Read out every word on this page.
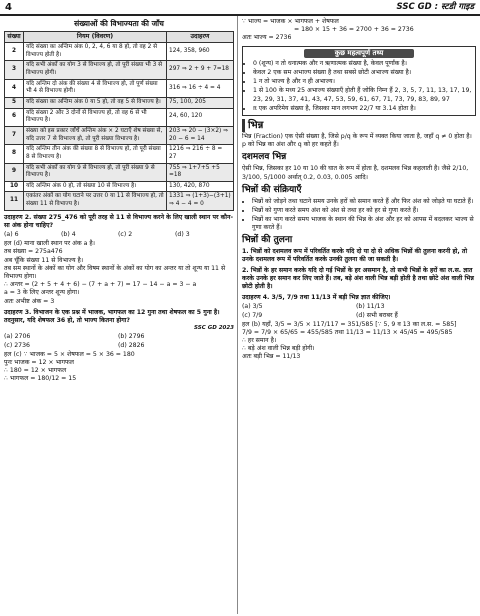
4	SSC GD : स्टडी गाइड
संख्याओं की विभाज्यता की जाँच
संख्या	नियम (विवरण)	उदाहरण
2	यदि संख्या का अन्तिम अंक 0, 2, 4, 6 या 8 हो, तो वह 2 से विभाज्य होती है।	124, 358, 960
3	यदि सभी अंकों का योग 3 से विभाज्य हो, तो पूरी संख्या भी 3 से विभाज्य होगी।	297 ⇒ 2 + 9 + 7=18
4	यदि अन्तिम दो अंक की संख्या 4 से विभाज्य हो, तो पूर्ण संख्या भी 4 से विभाज्य होगी।	316 ⇒ 16 ÷ 4 = 4
5	यदि संख्या का अन्तिम अंक 0 या 5 हो, तो वह 5 से विभाज्य है।	75, 100, 205
6	यदि संख्या 2 और 3 दोनों से विभाज्य हो, तो वह 6 से भी विभाज्य है।	24, 60, 120
7	संख्या को इस प्रकार जाँचें अन्तिम अंक × 2 घटाएँ शेष संख्या से, यदि उत्तर 7 से विभाज्य हो, तो पूरी संख्या विभाज्य है।	203 ⇒ 20 − (3×2) ⇒ 20 − 6 = 14
8	यदि अन्तिम तीन अंक की संख्या 8 से विभाज्य हो, तो पूरी संख्या 8 से विभाज्य है।	1216 ⇒ 216 ÷ 8 = 27
9	यदि सभी अंकों का योग 9 से विभाज्य हो, तो पूरी संख्या 9 से विभाज्य है।	755 ⇒ 1+7+5 +5 =18
10	यदि अन्तिम अंक 0 हो, तो संख्या 10 से विभाज्य है।	130, 420, 870
11	एकांतर अंकों का योग घटाने पर उत्तर 0 या 11 से विभाज्य हो, तो संख्या 11 से विभाज्य है।	1331 ⇒ (1+3)−(3+1) ⇒ 4 − 4 = 0
उदाहरण 2. संख्या 275_476 को पूरी तरह से 11 से विभाज्य करने के लिए खाली स्थान पर कौन-सा अंक होना चाहिए?
(a) 6	(b) 4	(c) 2	(d) 3

हल (d) माना खाली स्थान पर अंक a है।

तब संख्या = 275a476

अब चूँकि संख्या 11 से विभाज्य है।

तब सम स्थानों के अंकों का योग और विषम स्थानों के अंकों का योग का अन्तर या तो शून्य या 11 से विभाज्य होगा।

∴ अन्तर = (2 + 5 + 4 + 6) − (7 + a + 7) = 17 − 14 − a = 3 − a

a = 3 के लिए अन्तर शून्य होगा।

अतः अभीष्ट अंक = 3

उदाहरण 3. विभाजन के एक प्रश्न में भाजक, भागफल का 12 गुना तथा शेषफल का 5 गुना है। तदनुसार, यदि शेषफल 36 हो, तो भाज्य कितना होगा?
SSC GD 2023
(a) 2706	(b) 2796
(c) 2736	(d) 2826

हल (c) ∵ भाजक = 5 × शेषफल = 5 × 36 = 180

पुनः भाजक = 12 × भागफल

∴ 180 = 12 × भागफल

∴ भागफल = 180/12 = 15

∵ भाज्य = भाजक × भागफल + शेषफल

= 180 × 15 + 36 = 2700 + 36 = 2736

अतः भाज्य = 2736

कुछ महत्वपूर्ण तथ्य
• 0 (शून्य) न तो धनात्मक और न ऋणात्मक संख्या है, केवल पूर्णांक है।
• केवल 2 एक सम अभाज्य संख्या है तथा सबसे छोटी अभाज्य संख्या है।
• 1 न तो भाज्य है और न ही अभाज्य।
• 1 से 100 के मध्य 25 अभाज्य संख्याएँ होती हैं जोकि निम्न हैं 2, 3, 5, 7, 11, 13, 17, 19, 23, 29, 31, 37, 41, 43, 47, 53, 59, 61, 67, 71, 73, 79, 83, 89, 97
• π एक अपरिमेय संख्या है, जिसका मान लगभग 22/7 या 3.14 होता है।
भिन्न

भिन्न (Fraction) एक ऐसी संख्या है, जिसे p/q के रूप में व्यक्त किया जाता है, जहाँ q ≠ 0 होता है। p को भिन्न का अंश और q को हर कहते हैं।

दशमलव भिन्न

ऐसी भिन्न, जिसका हर 10 या 10 की घात के रूप में होता है, दशमलव भिन्न कहलाती है। जैसे 2/10, 3/100, 5/1000 अर्थात् 0.2, 0.03, 0.005 आदि।

भिन्नों की संक्रियाएँ
• भिन्नों को जोड़ने तथा घटाने समय उनके हरों को समान करते हैं और फिर अंश को जोड़ते या घटाते हैं।
• भिन्नों को गुणा करते समय अंश को अंश से तथा हर को हर से गुणा करते हैं।
• भिन्नों का भाग करते समय भाजक के स्थान की भिन्न के अंश और हर को आपस में बदलकर भाज्य से गुणा करते हैं।
भिन्नों की तुलना

1. भिन्नों को दशमलव रूप में परिवर्तित करके यदि दो या दो से अधिक भिन्नों की तुलना करनी हो, तो उनके दशमलव रूप में परिवर्तित करके उनकी तुलना की जा सकती है।

2. भिन्नों के हर समान करके यदि दो गई भिन्नों के हर असमान है, तो सभी भिन्नों के हरों का ल.स. ज्ञात करके उनके हर समान कर लिए जाते हैं। तब, बड़े अंश वाली भिन्न बड़ी होती है तथा छोटे अंश वाली भिन्न छोटी होती है।

उदाहरण 4. 3/5, 7/9 तथा 11/13 में बड़ी भिन्न ज्ञात कीजिए।
(a) 3/5	(b) 11/13
(c) 7/9	(d) सभी बराबर हैं

हल (b) यहाँ, 3/5 = 3/5 × 117/117 = 351/585 [∵ 5, 9 व 13 का ल.स. = 585]

7/9 = 7/9 × 65/65 = 455/585 तथा 11/13 = 11/13 × 45/45 = 495/585

∴ हर समान है।

∴ बड़े अंश वाली भिन्न बड़ी होगी।

अतः बड़ी भिन्न = 11/13
